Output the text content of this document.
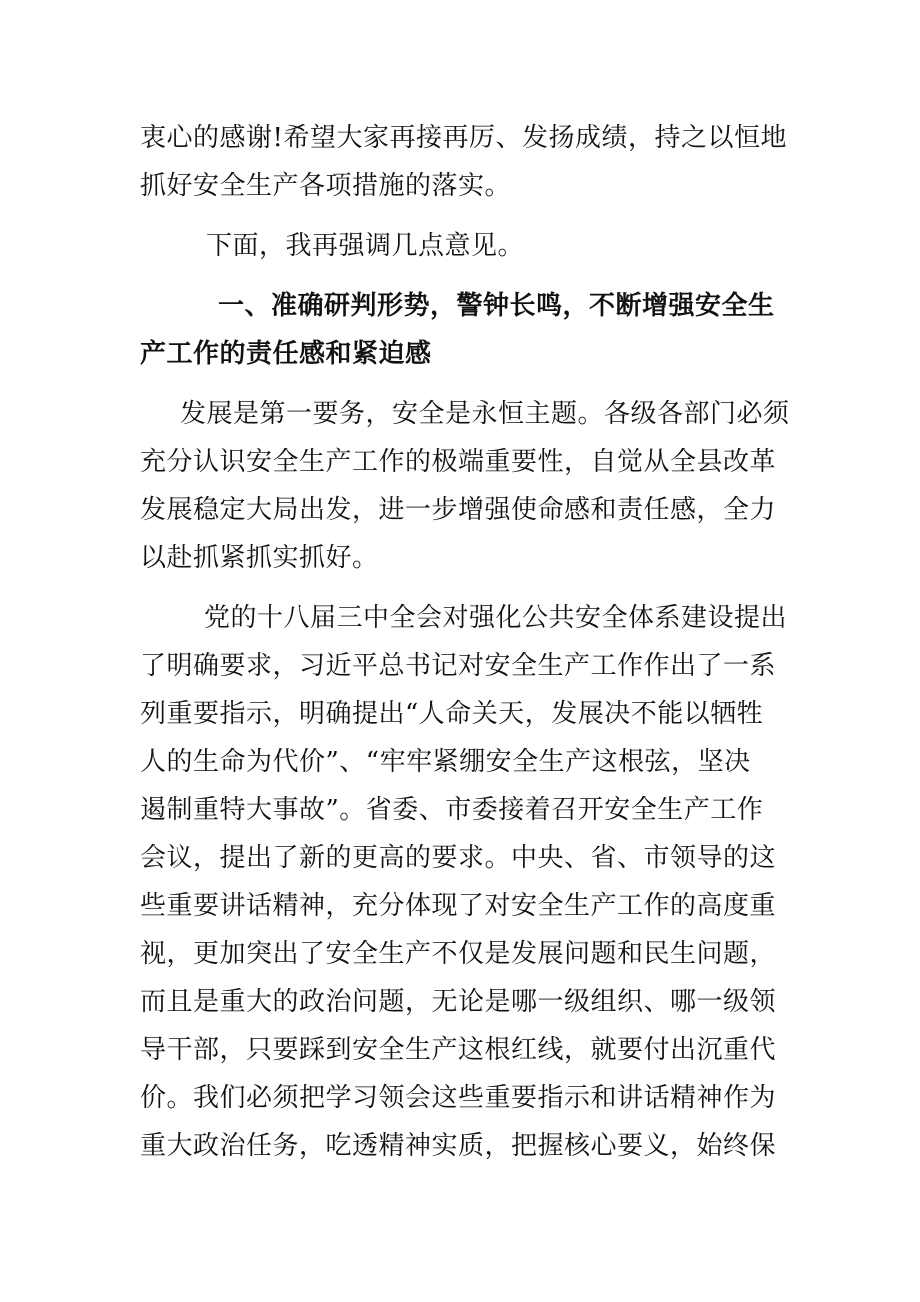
衷心的感谢!希望大家再接再厉、发扬成绩，持之以恒地

抓好安全生产各项措施的落实。

下面，我再强调几点意见。

一、准确研判形势，警钟长鸣，不断增强安全生

产工作的责任感和紧迫感

发展是第一要务，安全是永恒主题。各级各部门必须

充分认识安全生产工作的极端重要性，自觉从全县改革

发展稳定大局出发，进一步增强使命感和责任感，全力

以赴抓紧抓实抓好。

党的十八届三中全会对强化公共安全体系建设提出

了明确要求，习近平总书记对安全生产工作作出了一系

列重要指示，明确提出“人命关天，发展决不能以牺牲

人的生命为代价”、“牢牢紧绷安全生产这根弦，坚决

遏制重特大事故”。省委、市委接着召开安全生产工作

会议，提出了新的更高的要求。中央、省、市领导的这

些重要讲话精神，充分体现了对安全生产工作的高度重

视，更加突出了安全生产不仅是发展问题和民生问题，

而且是重大的政治问题，无论是哪一级组织、哪一级领

导干部，只要踩到安全生产这根红线，就要付出沉重代

价。我们必须把学习领会这些重要指示和讲话精神作为

重大政治任务，吃透精神实质，把握核心要义，始终保
